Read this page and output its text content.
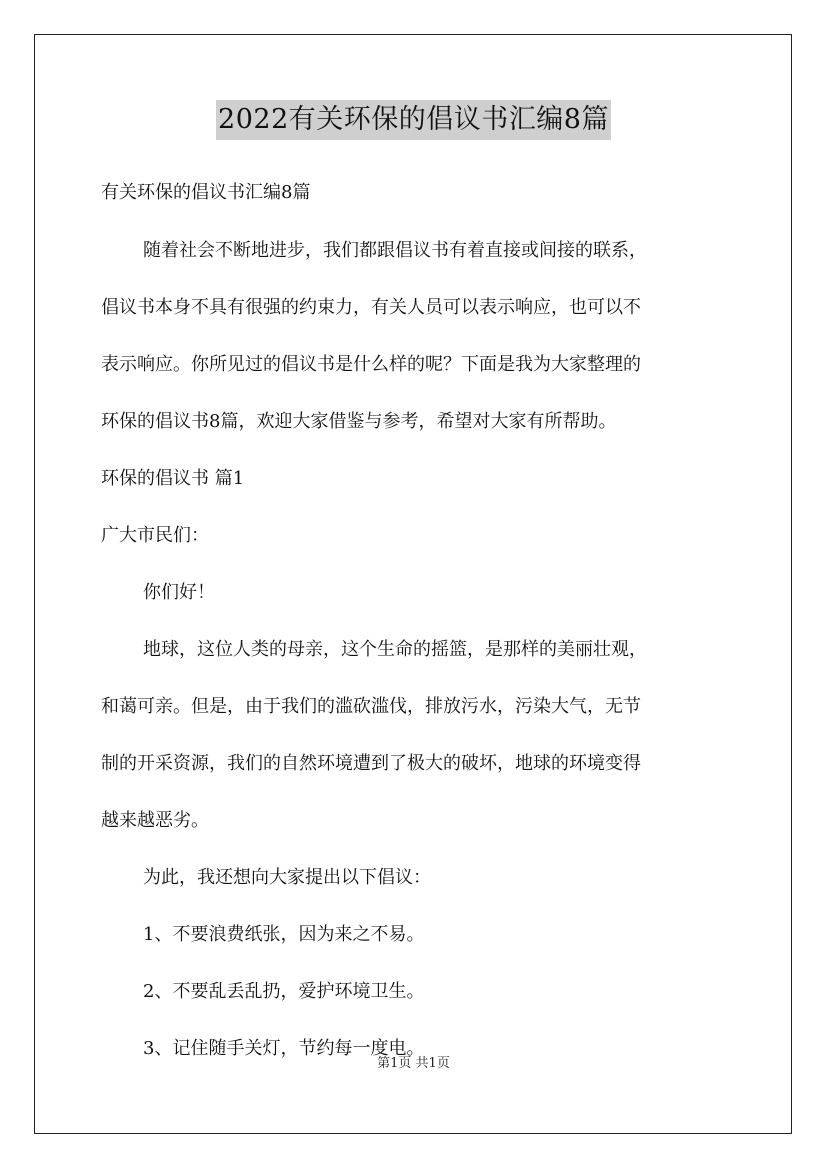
2022有关环保的倡议书汇编8篇
有关环保的倡议书汇编8篇
随着社会不断地进步，我们都跟倡议书有着直接或间接的联系，
倡议书本身不具有很强的约束力，有关人员可以表示响应，也可以不
表示响应。你所见过的倡议书是什么样的呢？下面是我为大家整理的
环保的倡议书8篇，欢迎大家借鉴与参考，希望对大家有所帮助。
环保的倡议书 篇1
广大市民们：
你们好！
地球，这位人类的母亲，这个生命的摇篮，是那样的美丽壮观，
和蔼可亲。但是，由于我们的滥砍滥伐，排放污水，污染大气，无节
制的开采资源，我们的自然环境遭到了极大的破坏，地球的环境变得
越来越恶劣。
为此，我还想向大家提出以下倡议：
1、不要浪费纸张，因为来之不易。
2、不要乱丢乱扔，爱护环境卫生。
3、记住随手关灯，节约每一度电。
第1页 共1页
